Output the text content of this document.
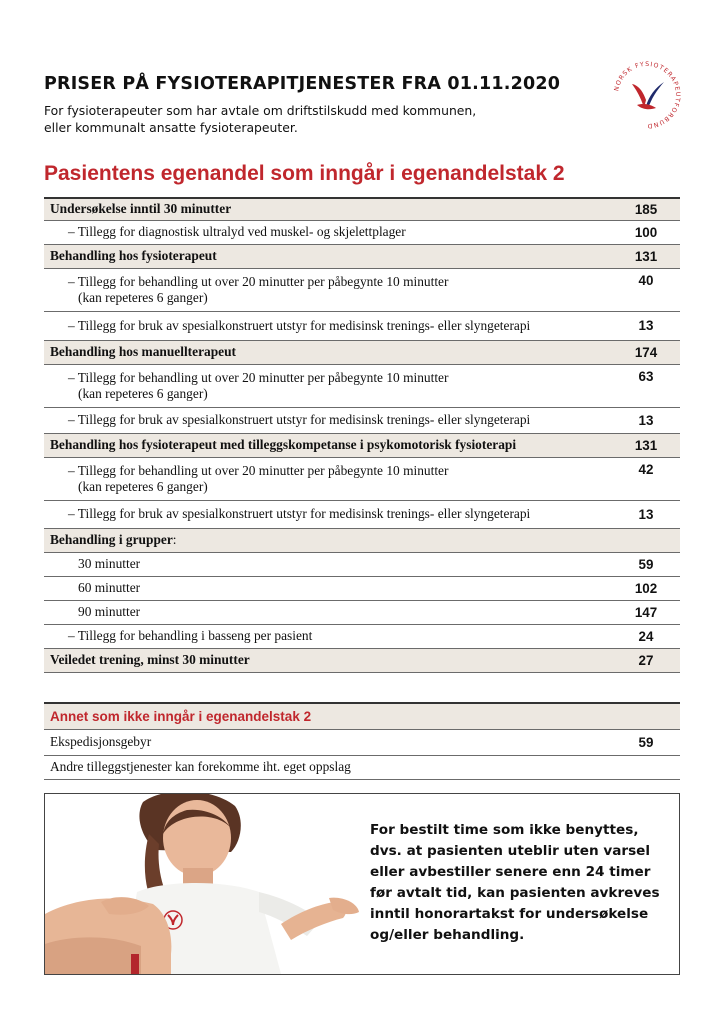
PRISER PÅ FYSIOTERAPITJENESTER FRA 01.11.2020
For fysioterapeuter som har avtale om driftstilskudd med kommunen,
eller kommunalt ansatte fysioterapeuter.
NORSK FYSIOTERAPEUTFORBUND
Pasientens egenandel som inngår i egenandelstak 2
Undersøkelse inntil 30 minutter	185

– Tillegg for diagnostisk ultralyd ved muskel- og skjelettplager	100
Behandling hos fysioterapeut	131

– Tillegg for behandling ut over 20 minutter per påbegynte 10 minutter
(kan repeteres 6 ganger)	40

– Tillegg for bruk av spesialkonstruert utstyr for medisinsk trenings- eller slyngeterapi	13
Behandling hos manuellterapeut	174

– Tillegg for behandling ut over 20 minutter per påbegynte 10 minutter
(kan repeteres 6 ganger)	63

– Tillegg for bruk av spesialkonstruert utstyr for medisinsk trenings- eller slyngeterapi	13
Behandling hos fysioterapeut med tilleggskompetanse i psykomotorisk fysioterapi	131

– Tillegg for behandling ut over 20 minutter per påbegynte 10 minutter
(kan repeteres 6 ganger)	42

– Tillegg for bruk av spesialkonstruert utstyr for medisinsk trenings- eller slyngeterapi	13
Behandling i grupper:	

30 minutter	59

60 minutter	102

90 minutter	147

– Tillegg for behandling i basseng per pasient	24
Veiledet trening, minst 30 minutter	27
Annet som ikke inngår i egenandelstak 2	
Ekspedisjonsgebyr	59
Andre tilleggstjenester kan forekomme iht. eget oppslag	
For bestilt time som ikke benyttes,
dvs. at pasienten uteblir uten varsel
eller avbestiller senere enn 24 timer
før avtalt tid, kan pasienten avkreves
inntil honorartakst for undersøkelse
og/eller behandling.
